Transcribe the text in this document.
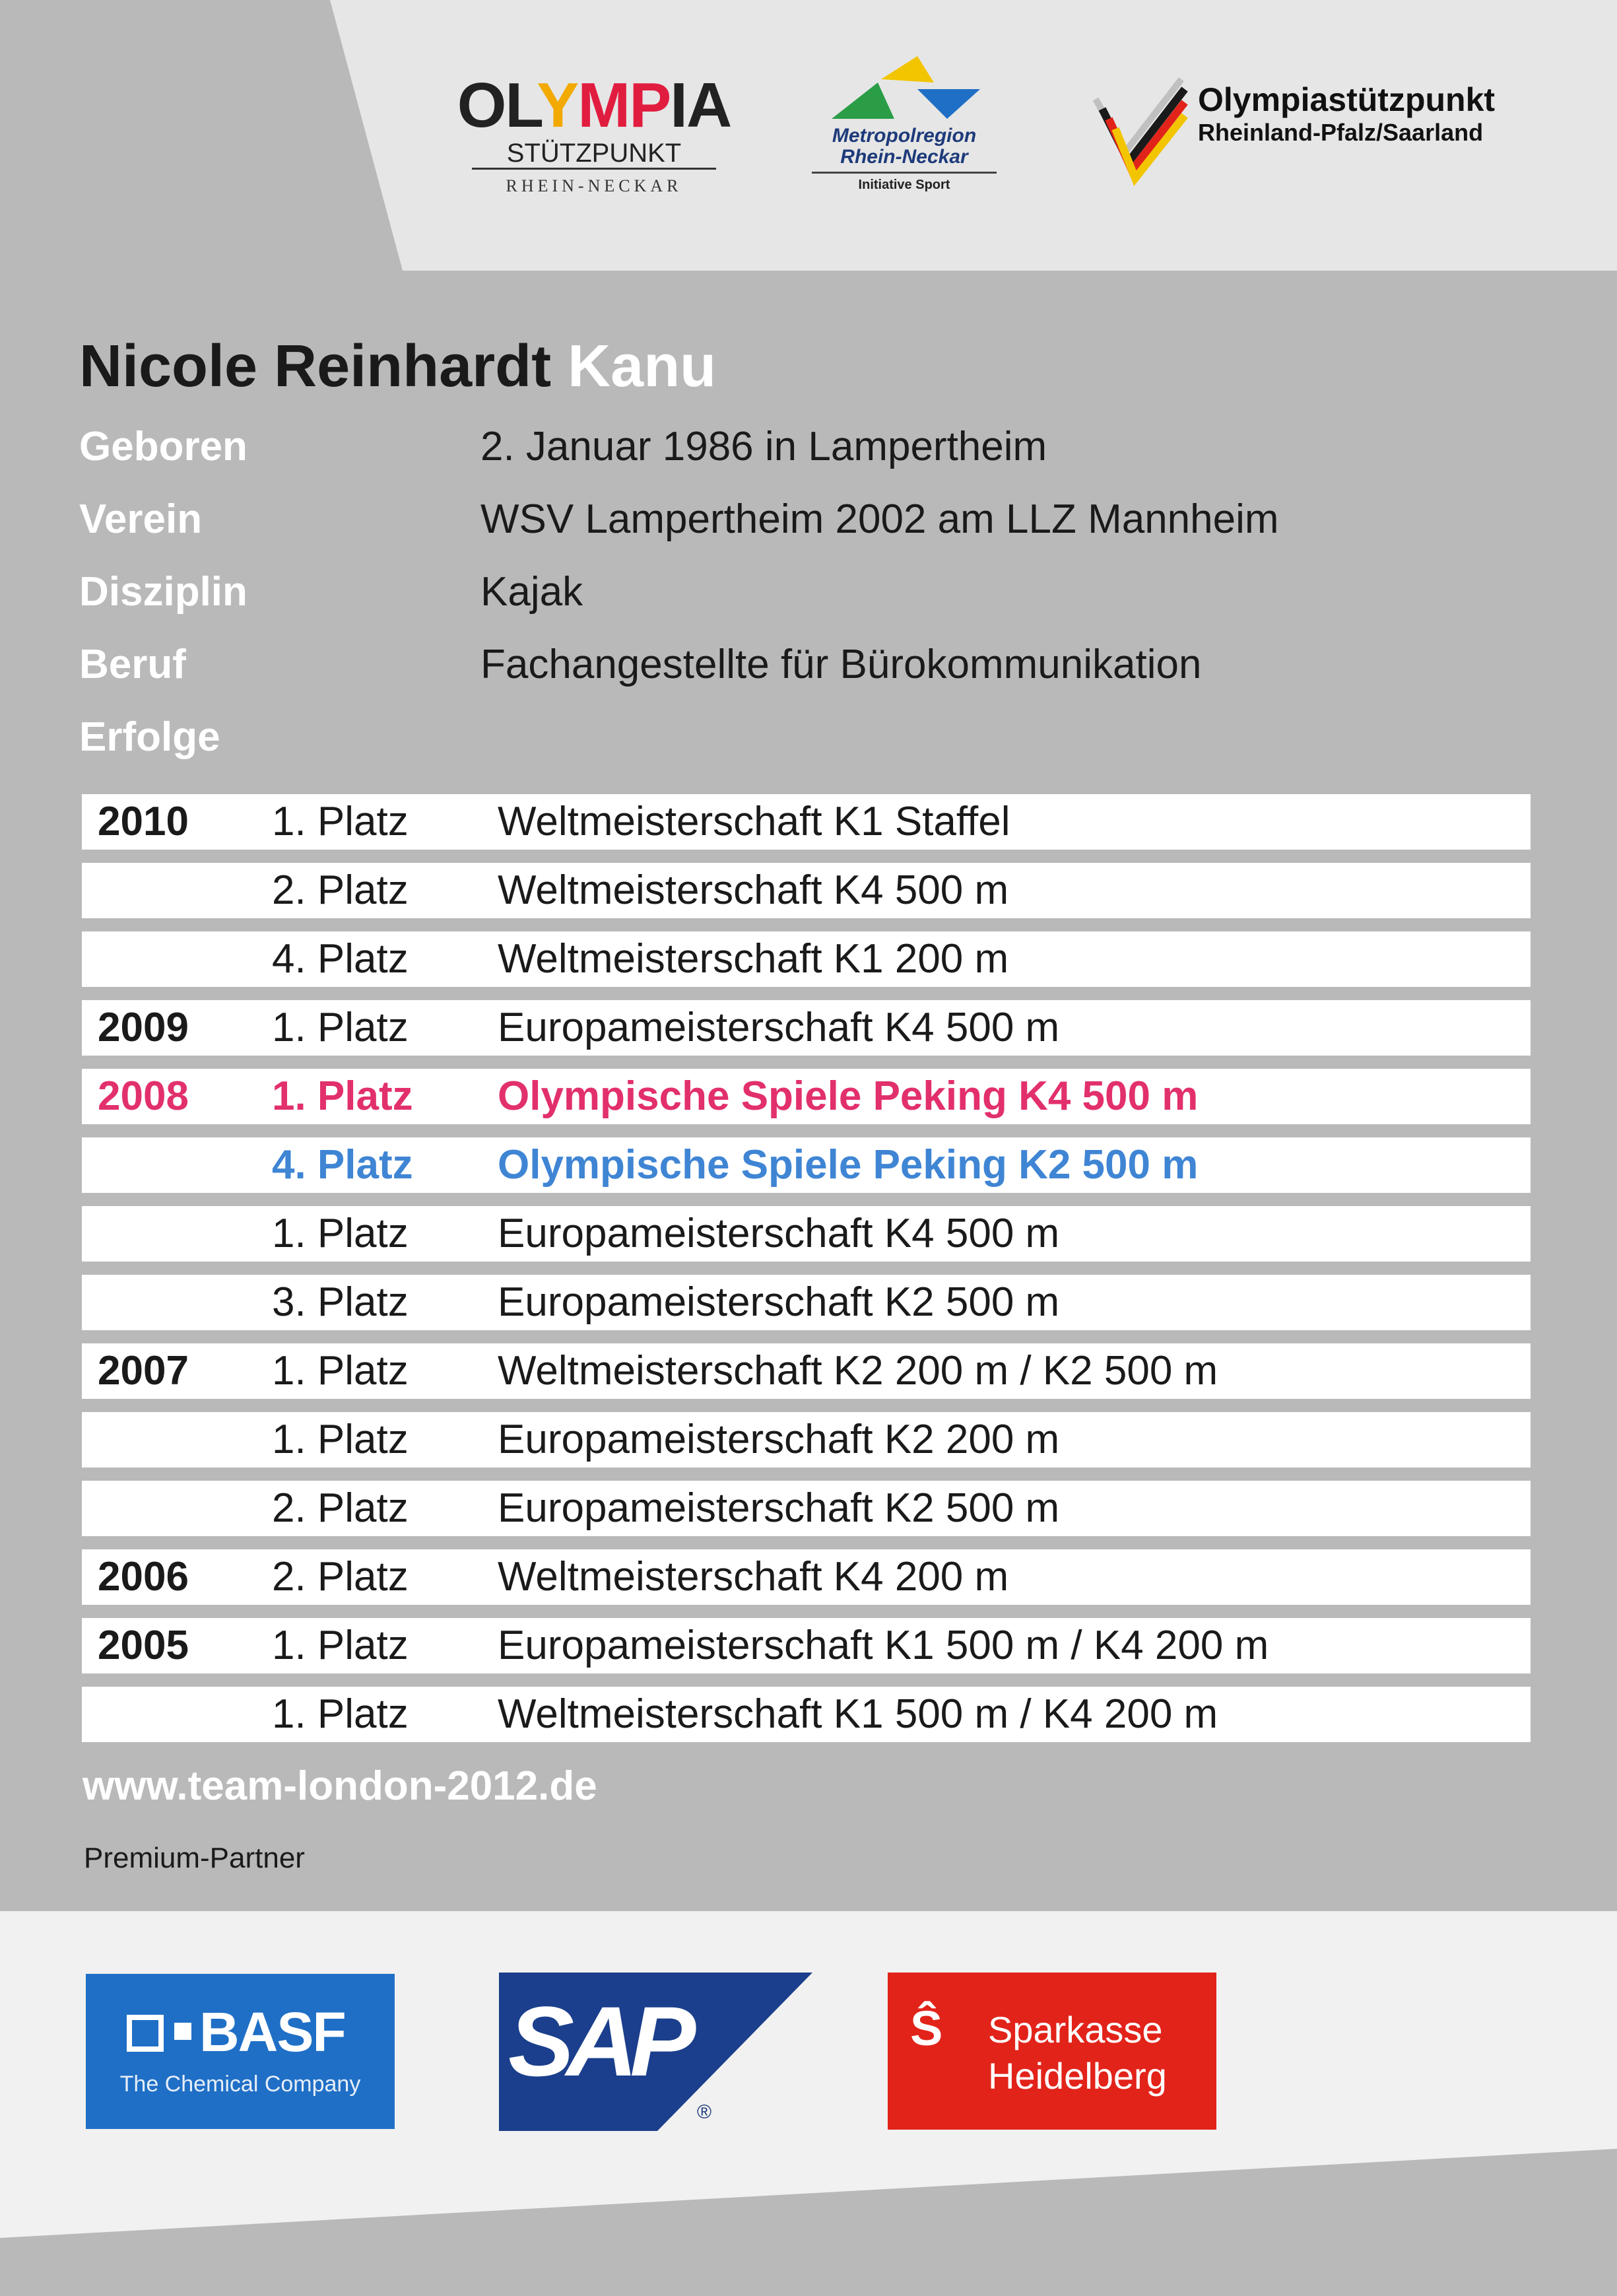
OLYMPIA
STÜTZPUNKT
RHEIN-NECKAR
Metropolregion
Rhein-Neckar
Initiative Sport
Olympiastützpunkt
Rheinland-Pfalz/Saarland
Nicole Reinhardt Kanu
Geboren	2. Januar 1986 in Lampertheim
Verein	WSV Lampertheim 2002 am LLZ Mannheim
Disziplin	Kajak
Beruf	Fachangestellte für Bürokommunikation
Erfolge
2010 1. Platz Weltmeisterschaft K1 Staffel
2. Platz Weltmeisterschaft K4 500 m
4. Platz Weltmeisterschaft K1 200 m
2009 1. Platz Europameisterschaft K4 500 m
2008 1. Platz Olympische Spiele Peking K4 500 m
4. Platz Olympische Spiele Peking K2 500 m
1. Platz Europameisterschaft K4 500 m
3. Platz Europameisterschaft K2 500 m
2007 1. Platz Weltmeisterschaft K2 200 m / K2 500 m
1. Platz Europameisterschaft K2 200 m
2. Platz Europameisterschaft K2 500 m
2006 2. Platz Weltmeisterschaft K4 200 m
2005 1. Platz Europameisterschaft K1 500 m / K4 200 m
1. Platz Weltmeisterschaft K1 500 m / K4 200 m
www.team-london-2012.de
Premium-Partner
BASF
The Chemical Company	SAP
®
Ŝ Sparkasse
Heidelberg
